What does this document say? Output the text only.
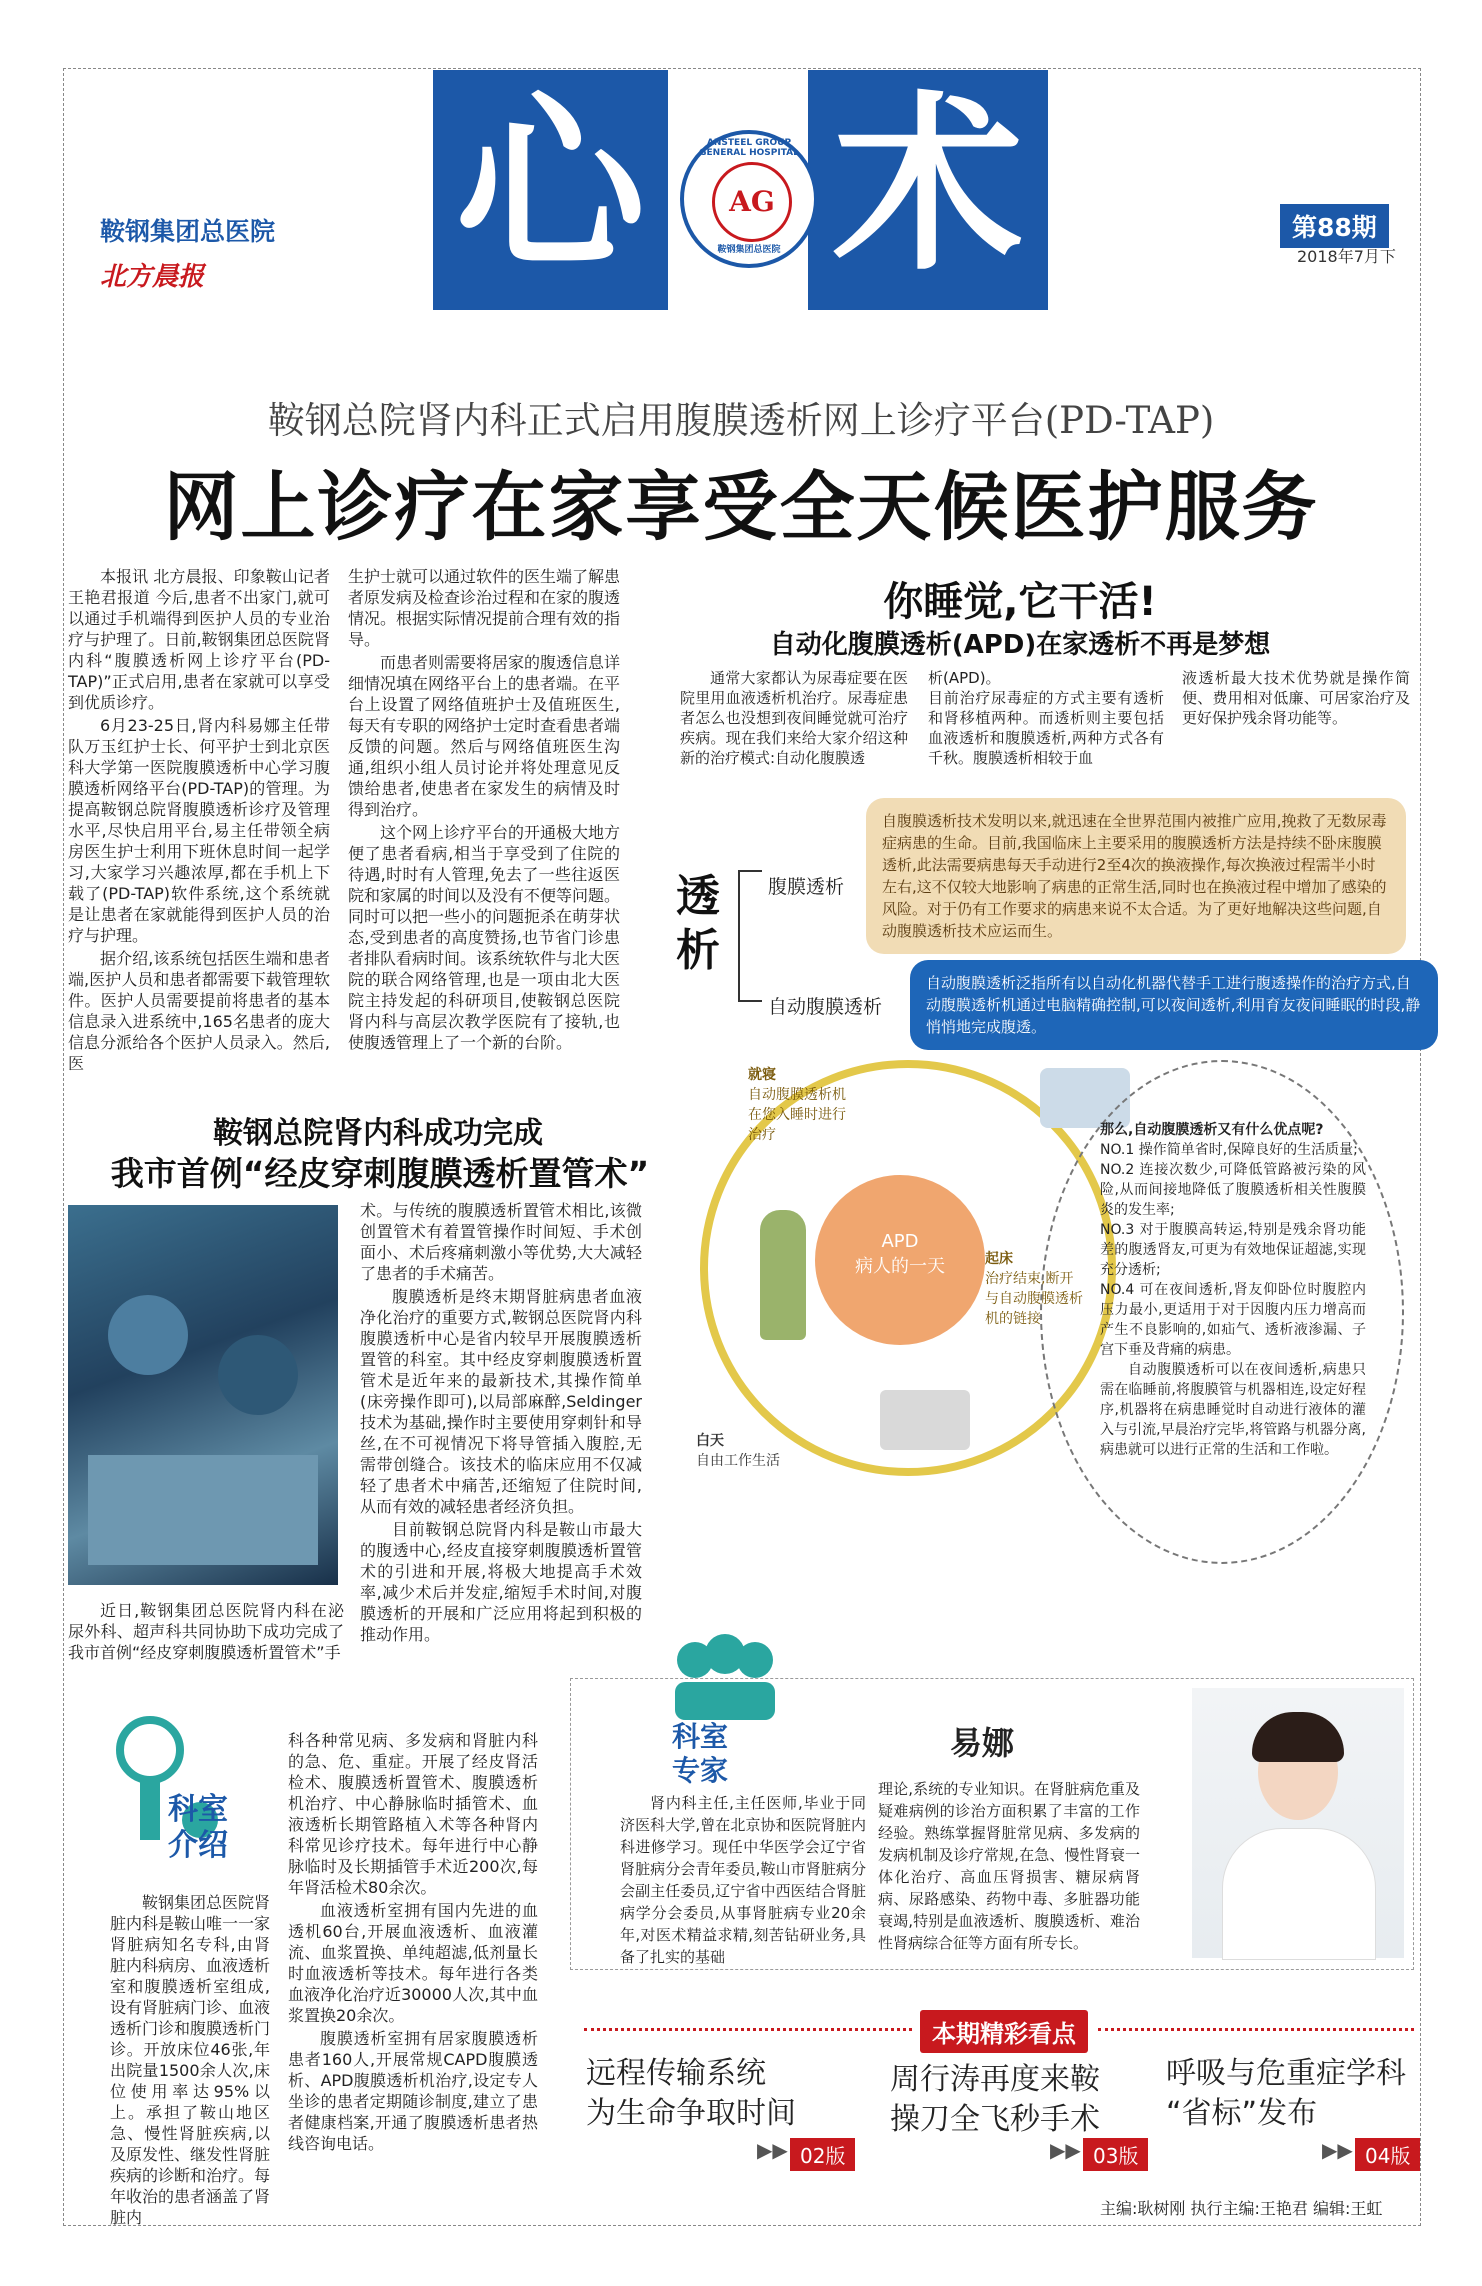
心 术
ANSTEEL GROUP GENERAL HOSPITAL
AG
鞍钢集团总医院
鞍钢集团总医院
北方晨报
第88期
2018年7月下
鞍钢总院肾内科正式启用腹膜透析网上诊疗平台(PD-TAP)
网上诊疗在家享受全天候医护服务

本报讯 北方晨报、印象鞍山记者王艳君报道 今后,患者不出家门,就可以通过手机端得到医护人员的专业治疗与护理了。日前,鞍钢集团总医院肾内科“腹膜透析网上诊疗平台(PD-TAP)”正式启用,患者在家就可以享受到优质诊疗。

6月23-25日,肾内科易娜主任带队万玉红护士长、何平护士到北京医科大学第一医院腹膜透析中心学习腹膜透析网络平台(PD-TAP)的管理。为提高鞍钢总院肾腹膜透析诊疗及管理水平,尽快启用平台,易主任带领全病房医生护士利用下班休息时间一起学习,大家学习兴趣浓厚,都在手机上下载了(PD-TAP)软件系统,这个系统就是让患者在家就能得到医护人员的治疗与护理。

据介绍,该系统包括医生端和患者端,医护人员和患者都需要下载管理软件。医护人员需要提前将患者的基本信息录入进系统中,165名患者的庞大信息分派给各个医护人员录入。然后,医

生护士就可以通过软件的医生端了解患者原发病及检查诊治过程和在家的腹透情况。根据实际情况提前合理有效的指导。

而患者则需要将居家的腹透信息详细情况填在网络平台上的患者端。在平台上设置了网络值班护士及值班医生,每天有专职的网络护士定时查看患者端反馈的问题。然后与网络值班医生沟通,组织小组人员讨论并将处理意见反馈给患者,使患者在家发生的病情及时得到治疗。

这个网上诊疗平台的开通极大地方便了患者看病,相当于享受到了住院的待遇,时时有人管理,免去了一些往返医院和家属的时间以及没有不便等问题。同时可以把一些小的问题扼杀在萌芽状态,受到患者的高度赞扬,也节省门诊患者排队看病时间。该系统软件与北大医院的联合网络管理,也是一项由北大医院主持发起的科研项目,使鞍钢总医院肾内科与高层次教学医院有了接轨,也使腹透管理上了一个新的台阶。

你睡觉,它干活!
自动化腹膜透析(APD)在家透析不再是梦想

通常大家都认为尿毒症要在医院里用血液透析机治疗。尿毒症患者怎么也没想到夜间睡觉就可治疗疾病。现在我们来给大家介绍这种新的治疗模式:自动化腹膜透

析(APD)。
目前治疗尿毒症的方式主要有透析和肾移植两种。而透析则主要包括血液透析和腹膜透析,两种方式各有千秋。腹膜透析相较于血

液透析最大技术优势就是操作简便、费用相对低廉、可居家治疗及更好保护残余肾功能等。

透析
腹膜透析
自动腹膜透析
自腹膜透析技术发明以来,就迅速在全世界范围内被推广应用,挽救了无数尿毒症病患的生命。目前,我国临床上主要采用的腹膜透析方法是持续不卧床腹膜透析,此法需要病患每天手动进行2至4次的换液操作,每次换液过程需半小时左右,这不仅较大地影响了病患的正常生活,同时也在换液过程中增加了感染的风险。对于仍有工作要求的病患来说不太合适。为了更好地解决这些问题,自动腹膜透析技术应运而生。
自动腹膜透析泛指所有以自动化机器代替手工进行腹透操作的治疗方式,自动腹膜透析机通过电脑精确控制,可以夜间透析,利用育友夜间睡眠的时段,静悄悄地完成腹透。
APD
病人的一天
就寝
自动腹膜透析机在您入睡时进行治疗
起床
治疗结束,断开与自动腹膜透析机的链接
白天
自由工作生活
那么,自动腹膜透析又有什么优点呢?
NO.1 操作简单省时,保障良好的生活质量;
NO.2 连接次数少,可降低管路被污染的风险,从而间接地降低了腹膜透析相关性腹膜炎的发生率;
NO.3 对于腹膜高转运,特别是残余肾功能差的腹透肾友,可更为有效地保证超滤,实现充分透析;
NO.4 可在夜间透析,肾友仰卧位时腹腔内压力最小,更适用于对于因腹内压力增高而产生不良影响的,如疝气、透析液渗漏、子宫下垂及背痛的病患。
自动腹膜透析可以在夜间透析,病患只需在临睡前,将腹膜管与机器相连,设定好程序,机器将在病患睡觉时自动进行液体的灌入与引流,早晨治疗完毕,将管路与机器分离,病患就可以进行正常的生活和工作啦。
鞍钢总院肾内科成功完成
我市首例“经皮穿刺腹膜透析置管术”

近日,鞍钢集团总医院肾内科在泌尿外科、超声科共同协助下成功完成了我市首例“经皮穿刺腹膜透析置管术”手

术。与传统的腹膜透析置管术相比,该微创置管术有着置管操作时间短、手术创面小、术后疼痛刺激小等优势,大大减轻了患者的手术痛苦。

腹膜透析是终末期肾脏病患者血液净化治疗的重要方式,鞍钢总医院肾内科腹膜透析中心是省内较早开展腹膜透析置管的科室。其中经皮穿刺腹膜透析置管术是近年来的最新技术,其操作简单(床旁操作即可),以局部麻醉,Seldinger技术为基础,操作时主要使用穿刺针和导丝,在不可视情况下将导管插入腹腔,无需带创缝合。该技术的临床应用不仅减轻了患者术中痛苦,还缩短了住院时间,从而有效的减轻患者经济负担。

目前鞍钢总院肾内科是鞍山市最大的腹透中心,经皮直接穿刺腹膜透析置管术的引进和开展,将极大地提高手术效率,减少术后并发症,缩短手术时间,对腹膜透析的开展和广泛应用将起到积极的推动作用。

科室介绍

鞍钢集团总医院肾脏内科是鞍山唯一一家肾脏病知名专科,由肾脏内科病房、血液透析室和腹膜透析室组成,设有肾脏病门诊、血液透析门诊和腹膜透析门诊。开放床位46张,年出院量1500余人次,床位使用率达95%以上。承担了鞍山地区急、慢性肾脏疾病,以及原发性、继发性肾脏疾病的诊断和治疗。每年收治的患者涵盖了肾脏内

科各种常见病、多发病和肾脏内科的急、危、重症。开展了经皮肾活检术、腹膜透析置管术、腹膜透析机治疗、中心静脉临时插管术、血液透析长期管路植入术等各种肾内科常见诊疗技术。每年进行中心静脉临时及长期插管手术近200次,每年肾活检术80余次。

血液透析室拥有国内先进的血透机60台,开展血液透析、血液灌流、血浆置换、单纯超滤,低剂量长时血液透析等技术。每年进行各类血液净化治疗近30000人次,其中血浆置换20余次。

腹膜透析室拥有居家腹膜透析患者160人,开展常规CAPD腹膜透析、APD腹膜透析机治疗,设定专人坐诊的患者定期随诊制度,建立了患者健康档案,开通了腹膜透析患者热线咨询电话。

科室专家
易娜

肾内科主任,主任医师,毕业于同济医科大学,曾在北京协和医院肾脏内科进修学习。现任中华医学会辽宁省肾脏病分会青年委员,鞍山市肾脏病分会副主任委员,辽宁省中西医结合肾脏病学分会委员,从事肾脏病专业20余年,对医术精益求精,刻苦钻研业务,具备了扎实的基础

理论,系统的专业知识。在肾脏病危重及疑难病例的诊治方面积累了丰富的工作经验。熟练掌握肾脏常见病、多发病的发病机制及诊疗常规,在急、慢性肾衰一体化治疗、高血压肾损害、糖尿病肾病、尿路感染、药物中毒、多脏器功能衰竭,特别是血液透析、腹膜透析、难治性肾病综合征等方面有所专长。

本期精彩看点
远程传输系统
为生命争取时间
▶▶ 02版
周行涛再度来鞍
操刀全飞秒手术
▶▶ 03版
呼吸与危重症学科
“省标”发布
▶▶ 04版
主编:耿树刚 执行主编:王艳君 编辑:王虹
